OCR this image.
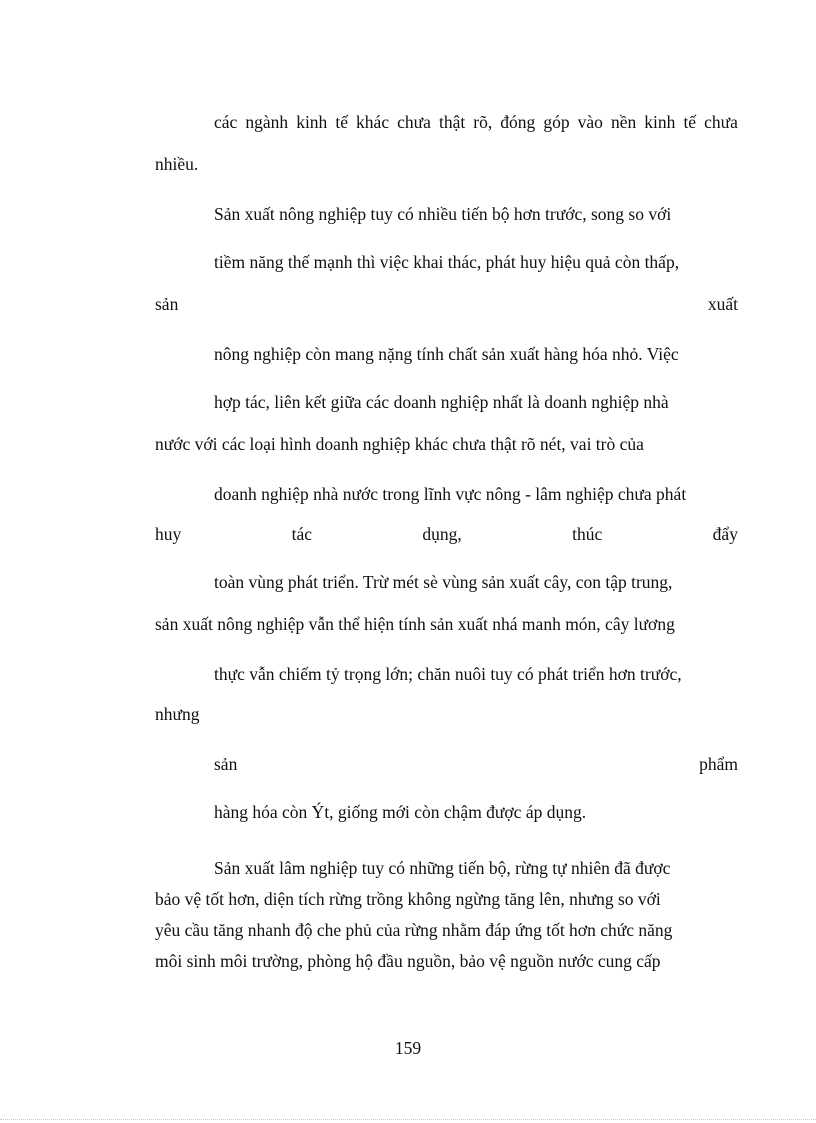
các ngành kinh tế khác chưa thật rõ, đóng góp vào nền kinh tế chưa
nhiều.
Sản xuất nông nghiệp tuy có nhiều tiến bộ hơn trước, song so với
tiềm năng thế mạnh thì việc khai thác, phát huy hiệu quả còn thấp,
sản	xuất
nông nghiệp còn mang nặng tính chất sản xuất hàng hóa nhỏ. Việc
hợp tác, liên kết giữa các doanh nghiệp nhất là doanh nghiệp nhà
nước với các loại hình doanh nghiệp khác chưa thật rõ nét, vai trò của
doanh nghiệp nhà nước trong lĩnh vực nông - lâm nghiệp chưa phát
huy	tác	dụng,	thúc	đẩy
toàn vùng phát triển. Trừ mét sè vùng sản xuất cây, con tập trung,
sản xuất nông nghiệp vẫn thể hiện tính sản xuất nhá manh món, cây lương
thực vẫn chiếm tỷ trọng lớn; chăn nuôi tuy có phát triển hơn trước,
nhưng
sản	phẩm
hàng hóa còn Ýt, giống mới còn chậm được áp dụng.
Sản xuất lâm nghiệp tuy có những tiến bộ, rừng tự nhiên đã được
bảo vệ tốt hơn, diện tích rừng trồng không ngừng tăng lên, nhưng so với
yêu cầu tăng nhanh độ che phủ của rừng nhằm đáp ứng tốt hơn chức năng
môi sinh môi trường, phòng hộ đầu nguồn, bảo vệ nguồn nước cung cấp
159
